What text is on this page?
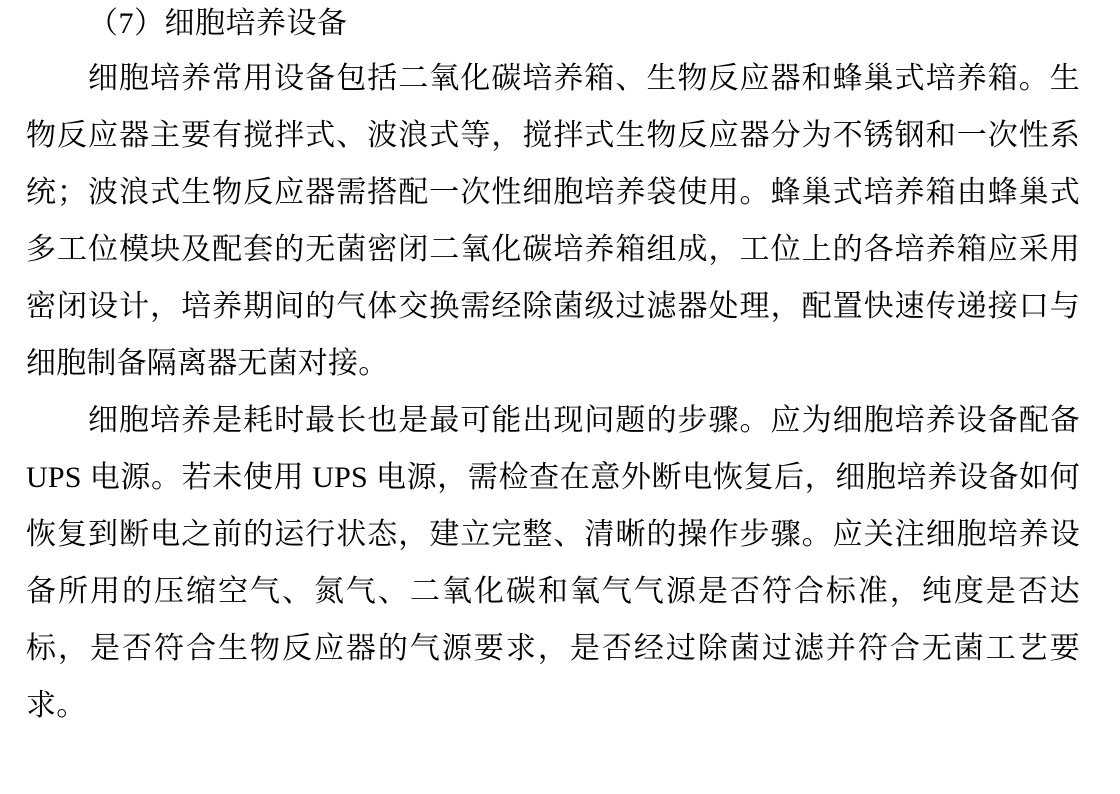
（7）细胞培养设备

细胞培养常用设备包括二氧化碳培养箱、生物反应器和蜂巢式培养箱。生物反应器主要有搅拌式、波浪式等，搅拌式生物反应器分为不锈钢和一次性系统；波浪式生物反应器需搭配一次性细胞培养袋使用。蜂巢式培养箱由蜂巢式多工位模块及配套的无菌密闭二氧化碳培养箱组成，工位上的各培养箱应采用密闭设计，培养期间的气体交换需经除菌级过滤器处理，配置快速传递接口与细胞制备隔离器无菌对接。

细胞培养是耗时最长也是最可能出现问题的步骤。应为细胞培养设备配备 UPS 电源。若未使用 UPS 电源，需检查在意外断电恢复后，细胞培养设备如何恢复到断电之前的运行状态，建立完整、清晰的操作步骤。应关注细胞培养设备所用的压缩空气、氮气、二氧化碳和氧气气源是否符合标准，纯度是否达标，是否符合生物反应器的气源要求，是否经过除菌过滤并符合无菌工艺要求。
